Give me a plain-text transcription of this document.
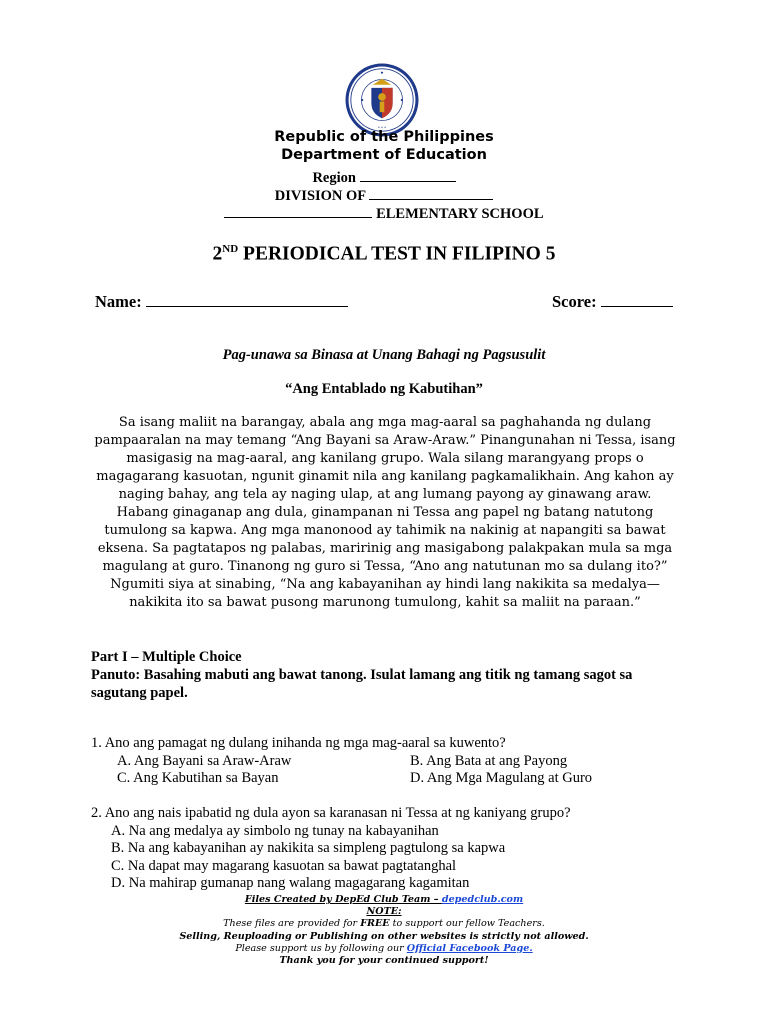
* * *
Republic of the Philippines
Department of Education
Region
DIVISION OF
ELEMENTARY SCHOOL
2ND PERIODICAL TEST IN FILIPINO 5
Name:	Score:
Pag-unawa sa Binasa at Unang Bahagi ng Pagsusulit
“Ang Entablado ng Kabutihan”

Sa isang maliit na barangay, abala ang mga mag-aaral sa paghahanda ng dulang pampaaralan na may temang “Ang Bayani sa Araw-Araw.” Pinangunahan ni Tessa, isang masigasig na mag-aaral, ang kanilang grupo. Wala silang marangyang props o magagarang kasuotan, ngunit ginamit nila ang kanilang pagkamalikhain. Ang kahon ay naging bahay, ang tela ay naging ulap, at ang lumang payong ay ginawang araw.

Habang ginaganap ang dula, ginampanan ni Tessa ang papel ng batang natutong tumulong sa kapwa. Ang mga manonood ay tahimik na nakinig at napangiti sa bawat eksena. Sa pagtatapos ng palabas, maririnig ang masigabong palakpakan mula sa mga magulang at guro. Tinanong ng guro si Tessa, “Ano ang natutunan mo sa dulang ito?” Ngumiti siya at sinabing, “Na ang kabayanihan ay hindi lang nakikita sa medalya—nakikita ito sa bawat pusong marunong tumulong, kahit sa maliit na paraan.”

Part I – Multiple Choice
Panuto: Basahing mabuti ang bawat tanong. Isulat lamang ang titik ng tamang sagot sa sagutang papel.
1. Ano ang pamagat ng dulang inihanda ng mga mag-aaral sa kuwento?
A. Ang Bayani sa Araw-Araw	B. Ang Bata at ang Payong
C. Ang Kabutihan sa Bayan	D. Ang Mga Magulang at Guro
2. Ano ang nais ipabatid ng dula ayon sa karanasan ni Tessa at ng kaniyang grupo?
A. Na ang medalya ay simbolo ng tunay na kabayanihan
B. Na ang kabayanihan ay nakikita sa simpleng pagtulong sa kapwa
C. Na dapat may magarang kasuotan sa bawat pagtatanghal
D. Na mahirap gumanap nang walang magagarang kagamitan
Files Created by DepEd Club Team – depedclub.com
NOTE:
These files are provided for FREE to support our fellow Teachers.
Selling, Reuploading or Publishing on other websites is strictly not allowed.
Please support us by following our Official Facebook Page.
Thank you for your continued support!
